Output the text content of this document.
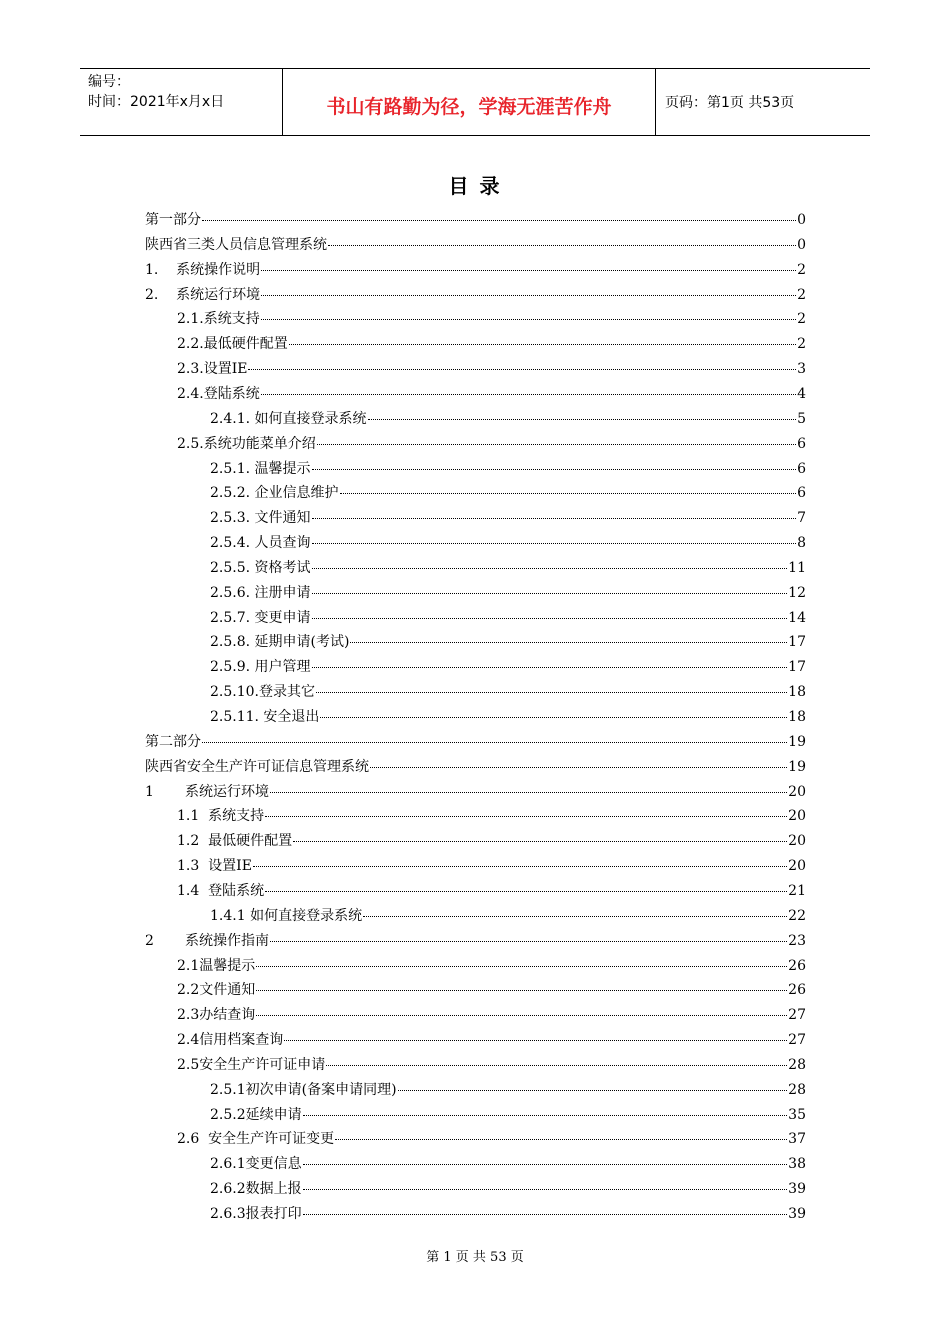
编号：
时间：2021年x月x日	书山有路勤为径，学海无涯苦作舟	页码：第1页 共53页
目 录
第一部分	0
陕西省三类人员信息管理系统	0
1.    系统操作说明	2
2.    系统运行环境	2
2.1.系统支持	2
2.2.最低硬件配置	2
2.3.设置IE	3
2.4.登陆系统	4
2.4.1. 如何直接登录系统	5
2.5.系统功能菜单介绍	6
2.5.1. 温馨提示	6
2.5.2. 企业信息维护	6
2.5.3. 文件通知	7
2.5.4. 人员查询	8
2.5.5. 资格考试	11
2.5.6. 注册申请	12
2.5.7. 变更申请	14
2.5.8. 延期申请(考试)	17
2.5.9. 用户管理	17
2.5.10.登录其它	18
2.5.11. 安全退出	18
第二部分	19
陕西省安全生产许可证信息管理系统	19
1       系统运行环境	20
1.1  系统支持	20
1.2  最低硬件配置	20
1.3  设置IE	20
1.4  登陆系统	21
1.4.1 如何直接登录系统	22
2       系统操作指南	23
2.1温馨提示	26
2.2文件通知	26
2.3办结查询	27
2.4信用档案查询	27
2.5安全生产许可证申请	28
2.5.1初次申请(备案申请同理)	28
2.5.2延续申请	35
2.6  安全生产许可证变更	37
2.6.1变更信息	38
2.6.2数据上报	39
2.6.3报表打印	39
第 1 页 共 53 页
